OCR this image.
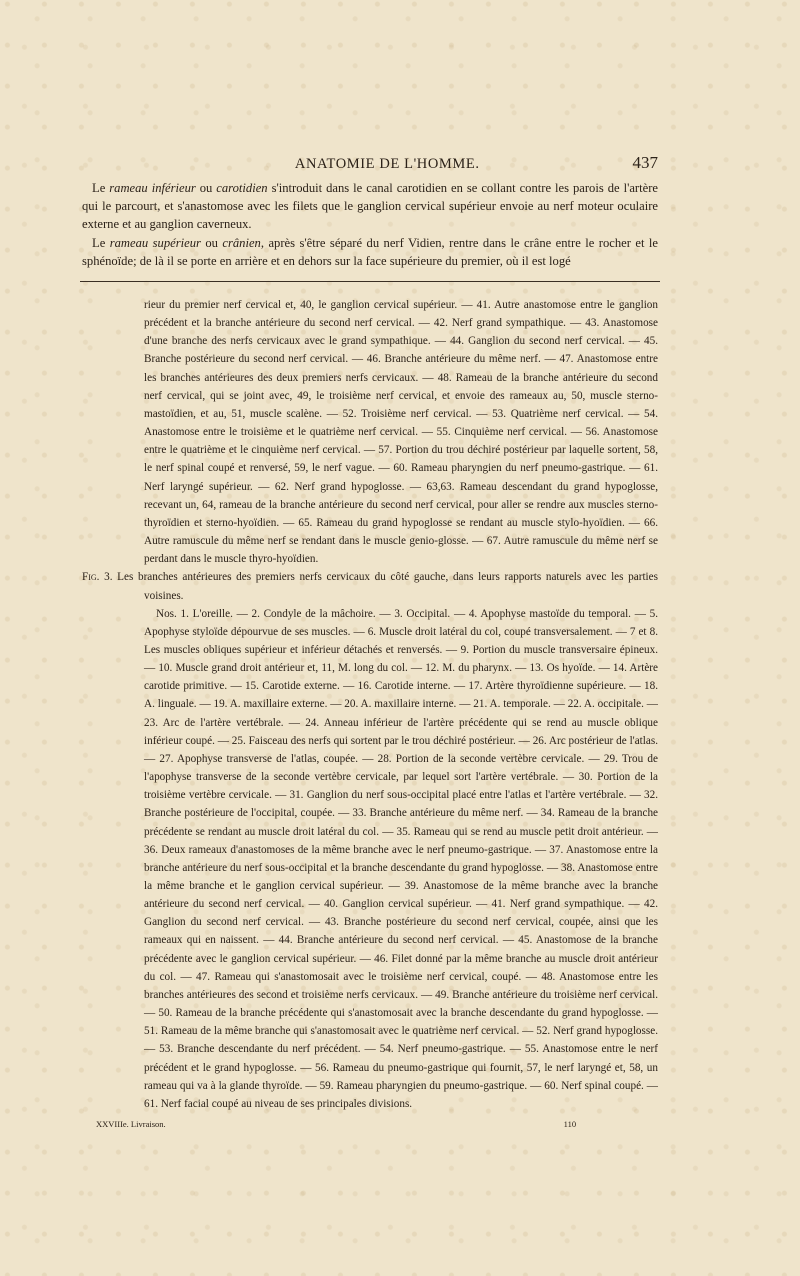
ANATOMIE DE L'HOMME.	437

Le rameau inférieur ou carotidien s'introduit dans le canal carotidien en se collant contre les parois de l'artère qui le parcourt, et s'anastomose avec les filets que le ganglion cervical supérieur envoie au nerf moteur oculaire externe et au ganglion caverneux.

Le rameau supérieur ou crânien, après s'être séparé du nerf Vidien, rentre dans le crâne entre le rocher et le sphénoïde; de là il se porte en arrière et en dehors sur la face supérieure du premier, où il est logé

rieur du premier nerf cervical et, 40, le ganglion cervical supérieur. — 41. Autre anastomose entre le ganglion précédent et la branche antérieure du second nerf cervical. — 42. Nerf grand sympathique. — 43. Anastomose d'une branche des nerfs cervicaux avec le grand sympathique. — 44. Ganglion du second nerf cervical. — 45. Branche postérieure du second nerf cervical. — 46. Branche antérieure du même nerf. — 47. Anastomose entre les branches antérieures des deux premiers nerfs cervicaux. — 48. Rameau de la branche antérieure du second nerf cervical, qui se joint avec, 49, le troisième nerf cervical, et envoie des rameaux au, 50, muscle sterno-mastoïdien, et au, 51, muscle scalène. — 52. Troisième nerf cervical. — 53. Quatrième nerf cervical. — 54. Anastomose entre le troisième et le quatrième nerf cervical. — 55. Cinquième nerf cervical. — 56. Anastomose entre le quatrième et le cinquième nerf cervical. — 57. Portion du trou déchiré postérieur par laquelle sortent, 58, le nerf spinal coupé et renversé, 59, le nerf vague. — 60. Rameau pharyngien du nerf pneumo-gastrique. — 61. Nerf laryngé supérieur. — 62. Nerf grand hypoglosse. — 63,63. Rameau descendant du grand hypoglosse, recevant un, 64, rameau de la branche antérieure du second nerf cervical, pour aller se rendre aux muscles sterno-thyroïdien et sterno-hyoïdien. — 65. Rameau du grand hypoglosse se rendant au muscle stylo-hyoïdien. — 66. Autre ramuscule du même nerf se rendant dans le muscle genio-glosse. — 67. Autre ramuscule du même nerf se perdant dans le muscle thyro-hyoïdien.

Fig. 3. Les branches antérieures des premiers nerfs cervicaux du côté gauche, dans leurs rapports naturels avec les parties voisines.

Nos. 1. L'oreille. — 2. Condyle de la mâchoire. — 3. Occipital. — 4. Apophyse mastoïde du temporal. — 5. Apophyse styloïde dépourvue de ses muscles. — 6. Muscle droit latéral du col, coupé transversalement. — 7 et 8. Les muscles obliques supérieur et inférieur détachés et renversés. — 9. Portion du muscle transversaire épineux. — 10. Muscle grand droit antérieur et, 11, M. long du col. — 12. M. du pharynx. — 13. Os hyoïde. — 14. Artère carotide primitive. — 15. Carotide externe. — 16. Carotide interne. — 17. Artère thyroïdienne supérieure. — 18. A. linguale. — 19. A. maxillaire externe. — 20. A. maxillaire interne. — 21. A. temporale. — 22. A. occipitale. — 23. Arc de l'artère vertébrale. — 24. Anneau inférieur de l'artère précédente qui se rend au muscle oblique inférieur coupé. — 25. Faisceau des nerfs qui sortent par le trou déchiré postérieur. — 26. Arc postérieur de l'atlas. — 27. Apophyse transverse de l'atlas, coupée. — 28. Portion de la seconde vertèbre cervicale. — 29. Trou de l'apophyse transverse de la seconde vertèbre cervicale, par lequel sort l'artère vertébrale. — 30. Portion de la troisième vertèbre cervicale. — 31. Ganglion du nerf sous-occipital placé entre l'atlas et l'artère vertébrale. — 32. Branche postérieure de l'occipital, coupée. — 33. Branche antérieure du même nerf. — 34. Rameau de la branche précédente se rendant au muscle droit latéral du col. — 35. Rameau qui se rend au muscle petit droit antérieur. — 36. Deux rameaux d'anastomoses de la même branche avec le nerf pneumo-gastrique. — 37. Anastomose entre la branche antérieure du nerf sous-occipital et la branche descendante du grand hypoglosse. — 38. Anastomose entre la même branche et le ganglion cervical supérieur. — 39. Anastomose de la même branche avec la branche antérieure du second nerf cervical. — 40. Ganglion cervical supérieur. — 41. Nerf grand sympathique. — 42. Ganglion du second nerf cervical. — 43. Branche postérieure du second nerf cervical, coupée, ainsi que les rameaux qui en naissent. — 44. Branche antérieure du second nerf cervical. — 45. Anastomose de la branche précédente avec le ganglion cervical supérieur. — 46. Filet donné par la même branche au muscle droit antérieur du col. — 47. Rameau qui s'anastomosait avec le troisième nerf cervical, coupé. — 48. Anastomose entre les branches antérieures des second et troisième nerfs cervicaux. — 49. Branche antérieure du troisième nerf cervical. — 50. Rameau de la branche précédente qui s'anastomosait avec la branche descendante du grand hypoglosse. — 51. Rameau de la même branche qui s'anastomosait avec le quatrième nerf cervical. — 52. Nerf grand hypoglosse. — 53. Branche descendante du nerf précédent. — 54. Nerf pneumo-gastrique. — 55. Anastomose entre le nerf précédent et le grand hypoglosse. — 56. Rameau du pneumo-gastrique qui fournit, 57, le nerf laryngé et, 58, un rameau qui va à la glande thyroïde. — 59. Rameau pharyngien du pneumo-gastrique. — 60. Nerf spinal coupé. — 61. Nerf facial coupé au niveau de ses principales divisions.

XXVIIIe. Livraison.	110
